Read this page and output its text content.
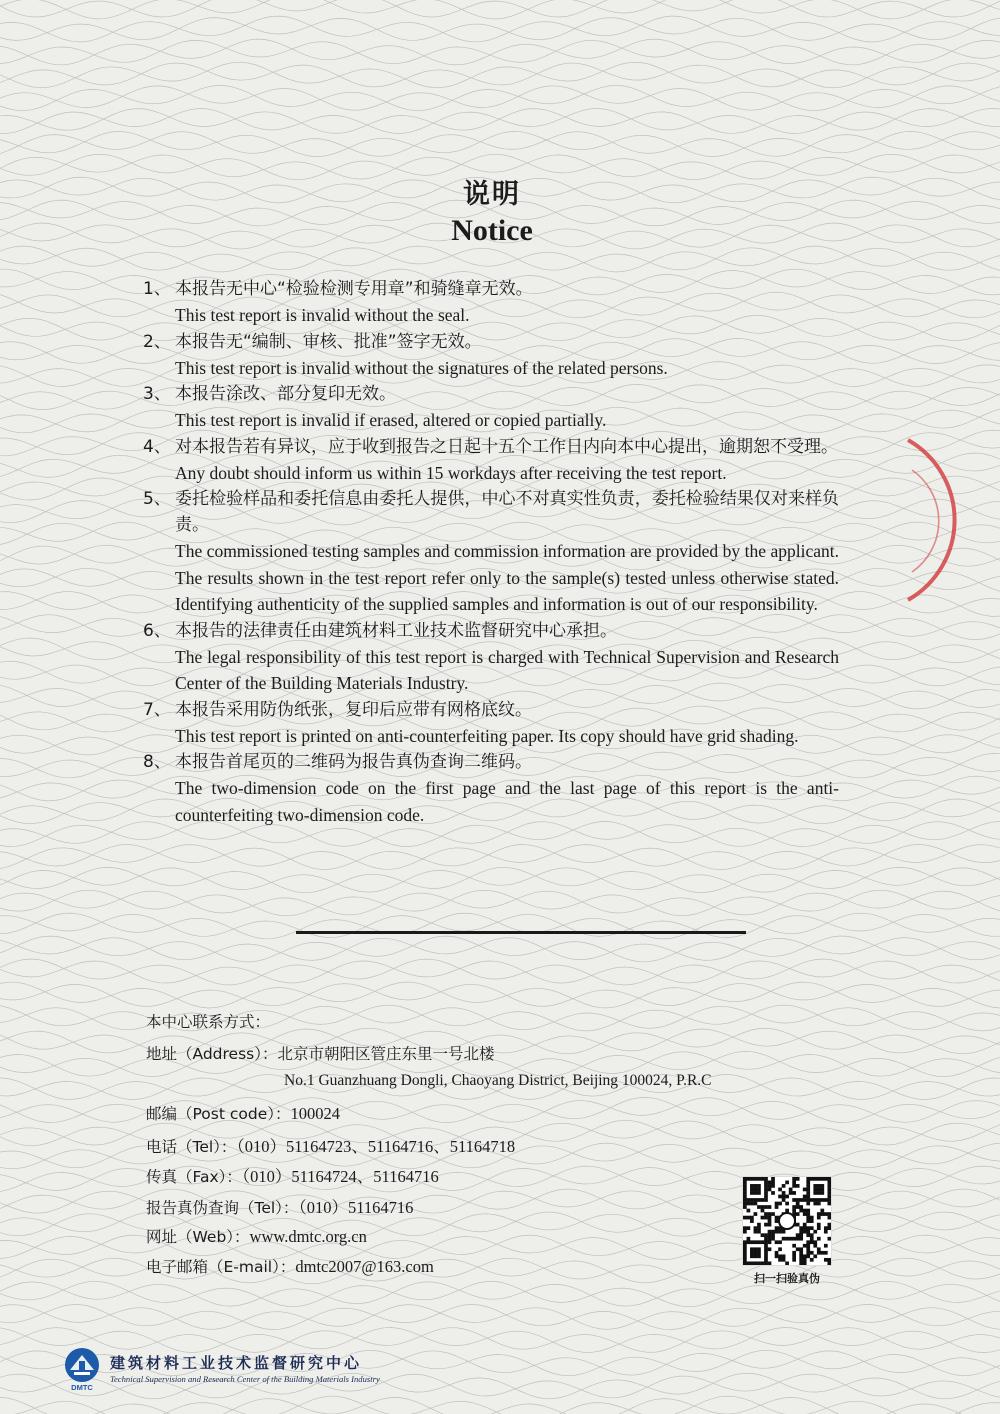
说明
Notice
1、 本报告无中心“检验检测专用章”和骑缝章无效。
This test report is invalid without the seal.
2、 本报告无“编制、审核、批准”签字无效。
This test report is invalid without the signatures of the related persons.
3、 本报告涂改、部分复印无效。
This test report is invalid if erased, altered or copied partially.
4、 对本报告若有异议，应于收到报告之日起十五个工作日内向本中心提出，逾期恕不受理。
Any doubt should inform us within 15 workdays after receiving the test report.
5、 委托检验样品和委托信息由委托人提供，中心不对真实性负责，委托检验结果仅对来样负责。
The commissioned testing samples and commission information are provided by the applicant. The results shown in the test report refer only to the sample(s) tested unless otherwise stated. Identifying authenticity of the supplied samples and information is out of our responsibility.
6、 本报告的法律责任由建筑材料工业技术监督研究中心承担。
The legal responsibility of this test report is charged with Technical Supervision and Research Center of the Building Materials Industry.
7、 本报告采用防伪纸张，复印后应带有网格底纹。
This test report is printed on anti-counterfeiting paper. Its copy should have grid shading.
8、 本报告首尾页的二维码为报告真伪查询二维码。
The two-dimension code on the first page and the last page of this report is the anti-counterfeiting two-dimension code.
本中心联系方式：
地址（Address）：北京市朝阳区管庄东里一号北楼
No.1 Guanzhuang Dongli, Chaoyang District, Beijing 100024, P.R.C
邮编（Post code）：100024
电话（Tel）：（010）51164723、51164716、51164718
传真（Fax）：（010）51164724、51164716
报告真伪查询（Tel）：（010）51164716
网址（Web）：www.dmtc.org.cn
电子邮箱（E-mail）：dmtc2007@163.com
扫一扫验真伪
DMTC
建筑材料工业技术监督研究中心
Technical Supervision and Research Center of the Building Materials Industry
